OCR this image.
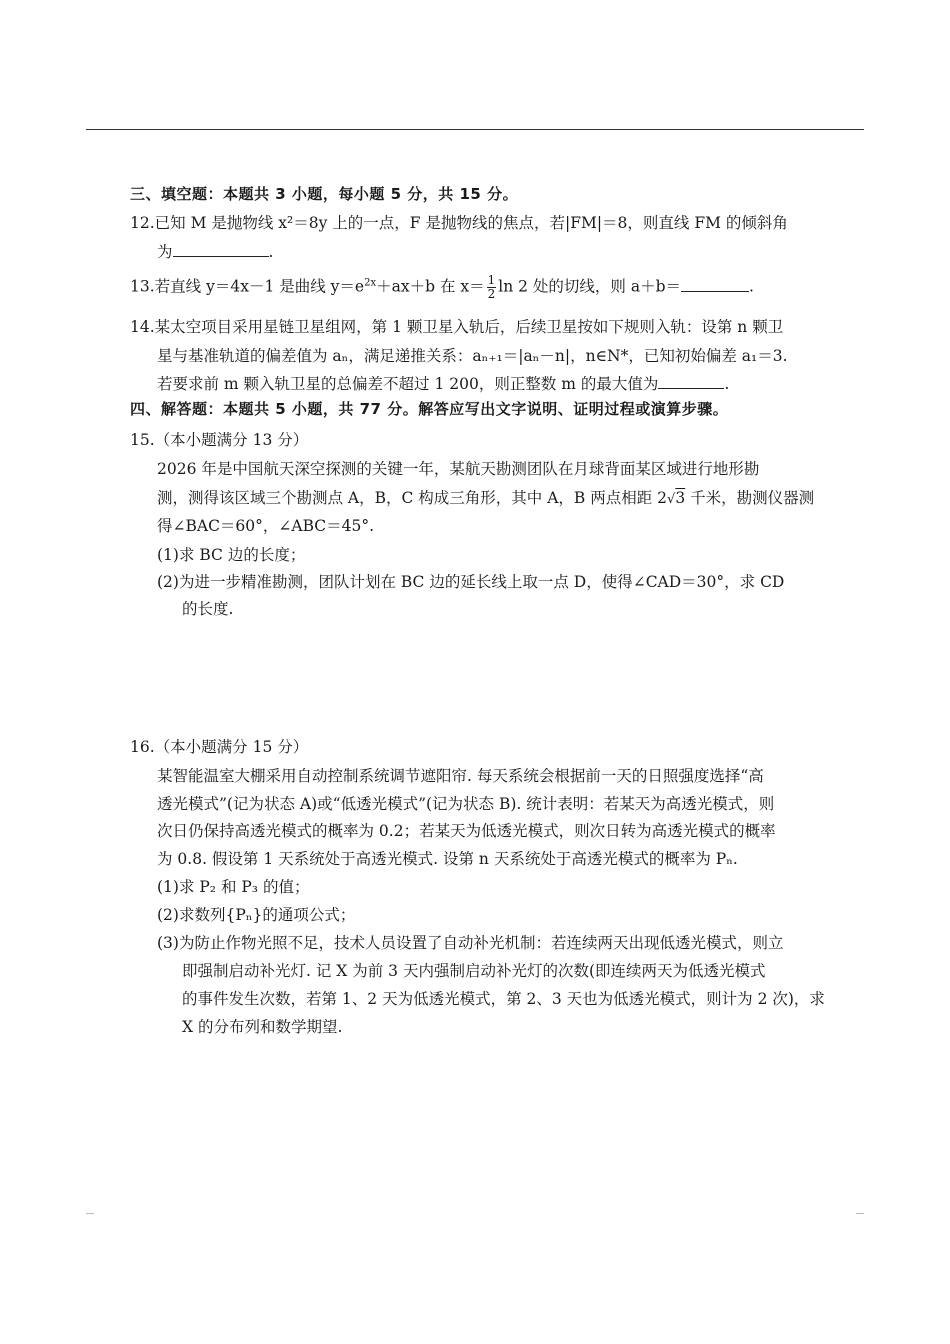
三、填空题：本题共 3 小题，每小题 5 分，共 15 分。
12.已知 M 是抛物线 x²＝8y 上的一点，F 是抛物线的焦点，若|FM|＝8，则直线 FM 的倾斜角
为	.
13.若直线 y＝4x－1 是曲线 $y=e^{2x}+ax+b$ 在 $x= \frac{1}{2}$ ln 2 处的切线，则 a＋b＝	.
14.某太空项目采用星链卫星组网，第 1 颗卫星入轨后，后续卫星按如下规则入轨：设第 n 颗卫
星与基准轨道的偏差值为 aₙ，满足递推关系：aₙ₊₁＝|aₙ－n|，n∈N*，已知初始偏差 a₁＝3.
若要求前 m 颗入轨卫星的总偏差不超过 1 200，则正整数 m 的最大值为	.
四、解答题：本题共 5 小题，共 77 分。解答应写出文字说明、证明过程或演算步骤。
15.（本小题满分 13 分）
2026 年是中国航天深空探测的关键一年，某航天勘测团队在月球背面某区域进行地形勘
测，测得该区域三个勘测点 A，B，C 构成三角形，其中 A，B 两点相距 2√3 千米，勘测仪器测
得∠BAC＝60°，∠ABC＝45°.
(1)求 BC 边的长度；
(2)为进一步精准勘测，团队计划在 BC 边的延长线上取一点 D，使得∠CAD＝30°，求 CD
的长度.
16.（本小题满分 15 分）
某智能温室大棚采用自动控制系统调节遮阳帘. 每天系统会根据前一天的日照强度选择“高
透光模式”(记为状态 A)或“低透光模式”(记为状态 B). 统计表明：若某天为高透光模式，则
次日仍保持高透光模式的概率为 0.2；若某天为低透光模式，则次日转为高透光模式的概率
为 0.8. 假设第 1 天系统处于高透光模式. 设第 n 天系统处于高透光模式的概率为 Pₙ.
(1)求 P₂ 和 P₃ 的值；
(2)求数列{Pₙ}的通项公式；
(3)为防止作物光照不足，技术人员设置了自动补光机制：若连续两天出现低透光模式，则立
即强制启动补光灯. 记 X 为前 3 天内强制启动补光灯的次数(即连续两天为低透光模式
的事件发生次数，若第 1、2 天为低透光模式，第 2、3 天也为低透光模式，则计为 2 次)，求
X 的分布列和数学期望.
